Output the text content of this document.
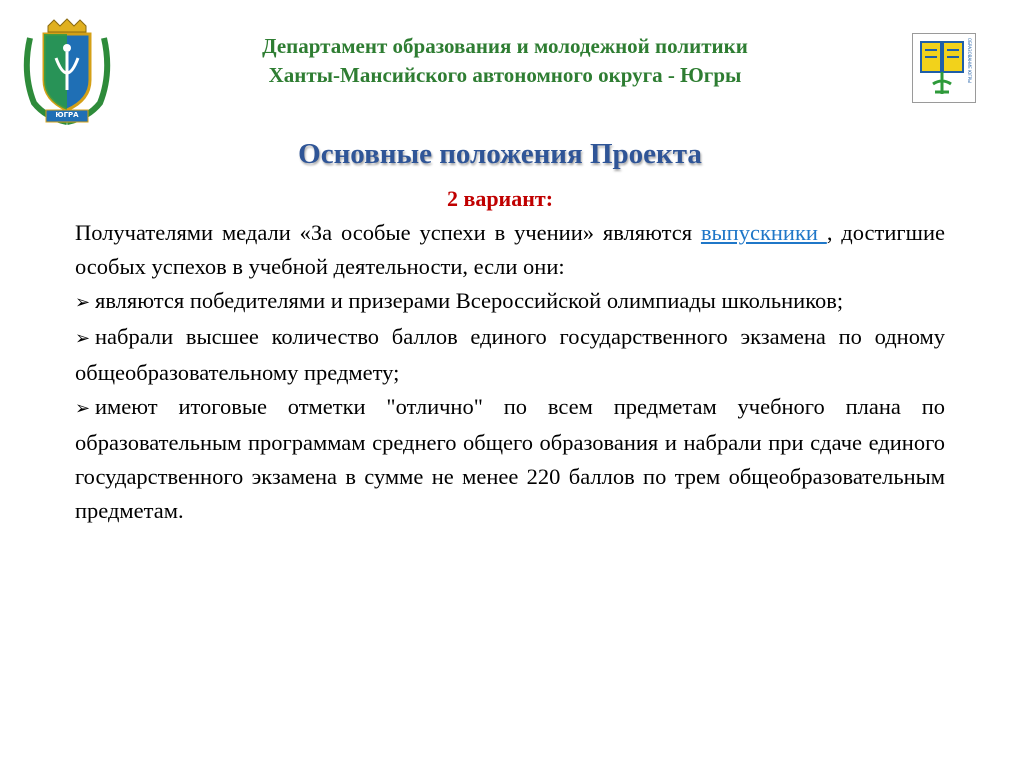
Департамент образования и молодежной политики
Ханты-Мансийского автономного округа - Югры
ЮГРА
ОБРАЗОВАНИЕ ЮГРЫ
Основные положения Проекта
2 вариант:

Получателями медали «За особые успехи в учении» являются выпускники , достигшие особых успехов в учебной деятельности, если они:

➢ являются победителями и призерами Всероссийской олимпиады школьников;

➢ набрали высшее количество баллов единого государственного экзамена по одному общеобразовательному предмету;

➢ имеют итоговые отметки "отлично" по всем предметам учебного плана по образовательным программам среднего общего образования и набрали при сдаче единого государственного экзамена в сумме не менее 220 баллов по трем общеобразовательным предметам.
